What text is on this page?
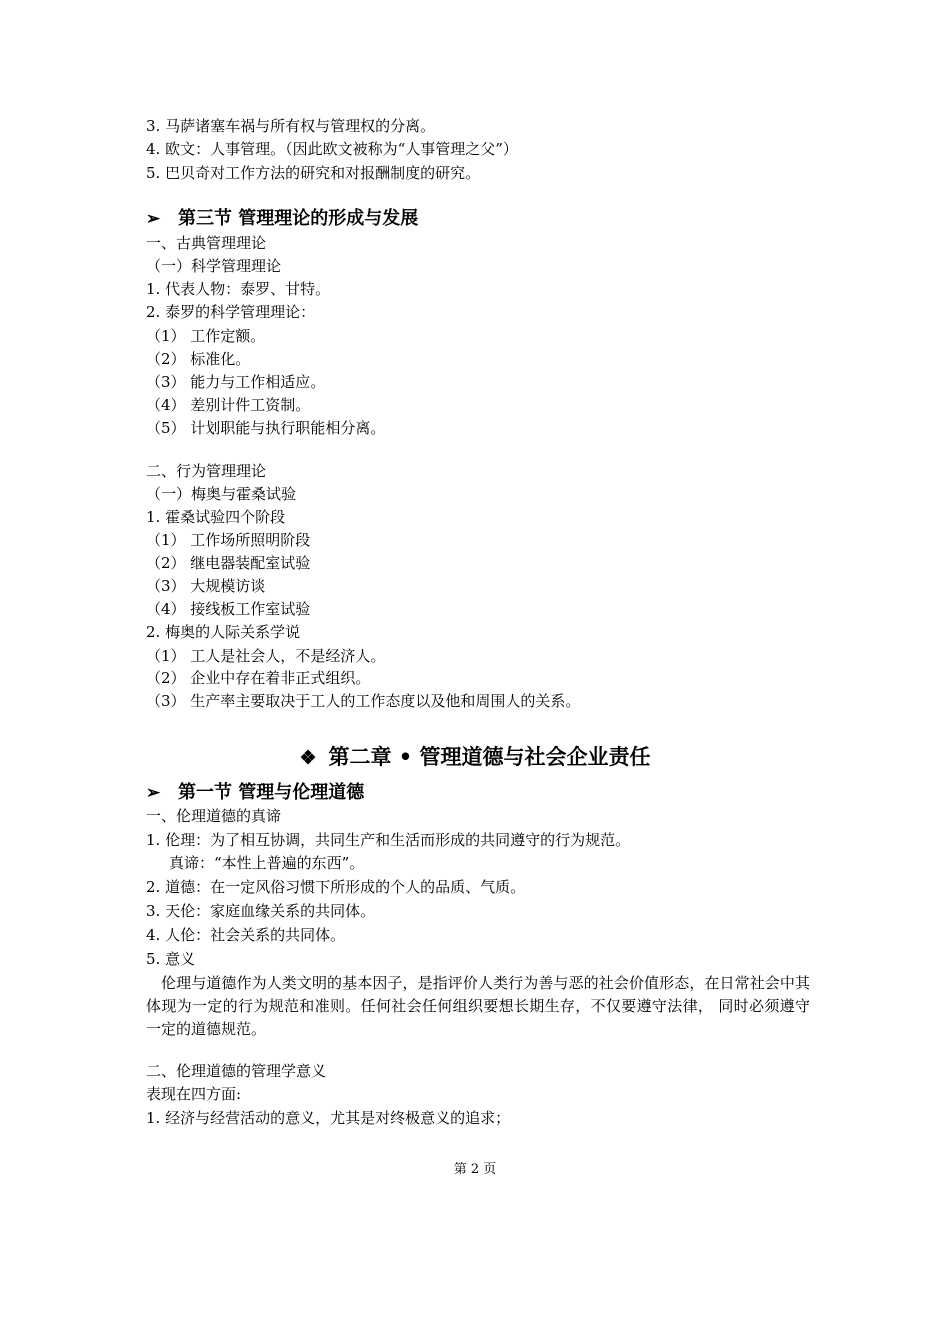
3. 马萨诸塞车祸与所有权与管理权的分离。
4. 欧文：人事管理。（因此欧文被称为“人事管理之父”）
5. 巴贝奇对工作方法的研究和对报酬制度的研究。
➢ 第三节 管理理论的形成与发展
一、古典管理理论
（一）科学管理理论
1. 代表人物：泰罗、甘特。
2. 泰罗的科学管理理论：
（1） 工作定额。
（2） 标准化。
（3） 能力与工作相适应。
（4） 差别计件工资制。
（5） 计划职能与执行职能相分离。
二、行为管理理论
（一）梅奥与霍桑试验
1. 霍桑试验四个阶段
（1） 工作场所照明阶段
（2） 继电器装配室试验
（3） 大规模访谈
（4） 接线板工作室试验
2. 梅奥的人际关系学说
（1） 工人是社会人，不是经济人。
（2） 企业中存在着非正式组织。
（3） 生产率主要取决于工人的工作态度以及他和周围人的关系。
❖ 第二章 • 管理道德与社会企业责任
➢ 第一节 管理与伦理道德
一、伦理道德的真谛
1. 伦理：为了相互协调，共同生产和生活而形成的共同遵守的行为规范。
真谛：“本性上普遍的东西”。
2. 道德：在一定风俗习惯下所形成的个人的品质、气质。
3. 天伦：家庭血缘关系的共同体。
4. 人伦：社会关系的共同体。
5. 意义
伦理与道德作为人类文明的基本因子，是指评价人类行为善与恶的社会价值形态，在日常社会中其体现为一定的行为规范和准则。任何社会任何组织要想长期生存，不仅要遵守法律， 同时必须遵守一定的道德规范。
二、伦理道德的管理学意义
表现在四方面:
1. 经济与经营活动的意义，尤其是对终极意义的追求；
第 2 页
